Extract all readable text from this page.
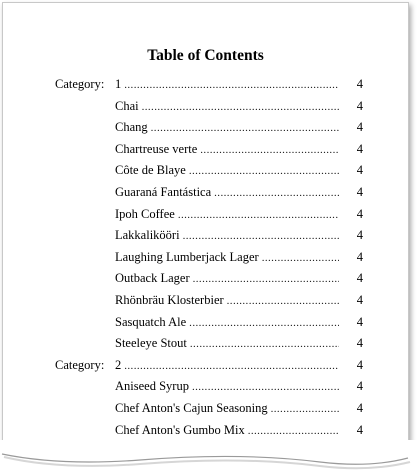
Table of Contents
Category: 1 .....	4
Chai .....	4
Chang .....	4
Chartreuse verte .....	4
Côte de Blaye .....	4
Guaraná Fantástica .....	4
Ipoh Coffee .....	4
Lakkalikööri .....	4
Laughing Lumberjack Lager .....	4
Outback Lager .....	4
Rhönbräu Klosterbier .....	4
Sasquatch Ale .....	4
Steeleye Stout .....	4
Category: 2 .....	4
Aniseed Syrup .....	4
Chef Anton's Cajun Seasoning .....	4
Chef Anton's Gumbo Mix .....	4
.....
